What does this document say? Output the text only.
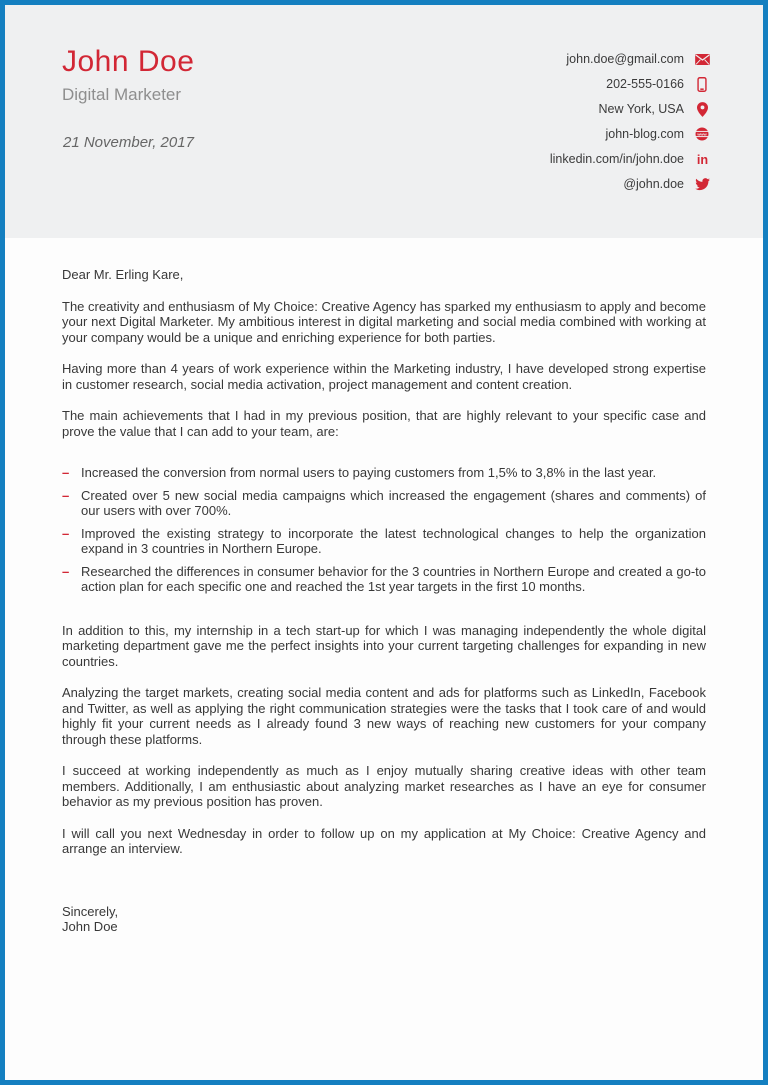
John Doe
Digital Marketer
21 November, 2017
john.doe@gmail.com
202-555-0166
New York, USA
john-blog.com	www
linkedin.com/in/john.doe in
@john.doe
Dear Mr. Erling Kare,

The creativity and enthusiasm of My Choice: Creative Agency has sparked my enthusiasm to apply and become your next Digital Marketer. My ambitious interest in digital marketing and social media combined with working at your company would be a unique and enriching experience for both parties.

Having more than 4 years of work experience within the Marketing industry, I have developed strong expertise in customer research, social media activation, project management and content creation.

The main achievements that I had in my previous position, that are highly relevant to your specific case and prove the value that I can add to your team, are:

– Increased the conversion from normal users to paying customers from 1,5% to 3,8% in the last year.
– Created over 5 new social media campaigns which increased the engagement (shares and comments) of our users with over 700%.
– Improved the existing strategy to incorporate the latest technological changes to help the organization expand in 3 countries in Northern Europe.
– Researched the differences in consumer behavior for the 3 countries in Northern Europe and created a go-to action plan for each specific one and reached the 1st year targets in the first 10 months.

In addition to this, my internship in a tech start-up for which I was managing independently the whole digital marketing department gave me the perfect insights into your current targeting challenges for expanding in new countries.

Analyzing the target markets, creating social media content and ads for platforms such as LinkedIn, Facebook and Twitter, as well as applying the right communication strategies were the tasks that I took care of and would highly fit your current needs as I already found 3 new ways of reaching new customers for your company through these platforms.

I succeed at working independently as much as I enjoy mutually sharing creative ideas with other team members. Additionally, I am enthusiastic about analyzing market researches as I have an eye for consumer behavior as my previous position has proven.

I will call you next Wednesday in order to follow up on my application at My Choice: Creative Agency and arrange an interview.

Sincerely,
John Doe
